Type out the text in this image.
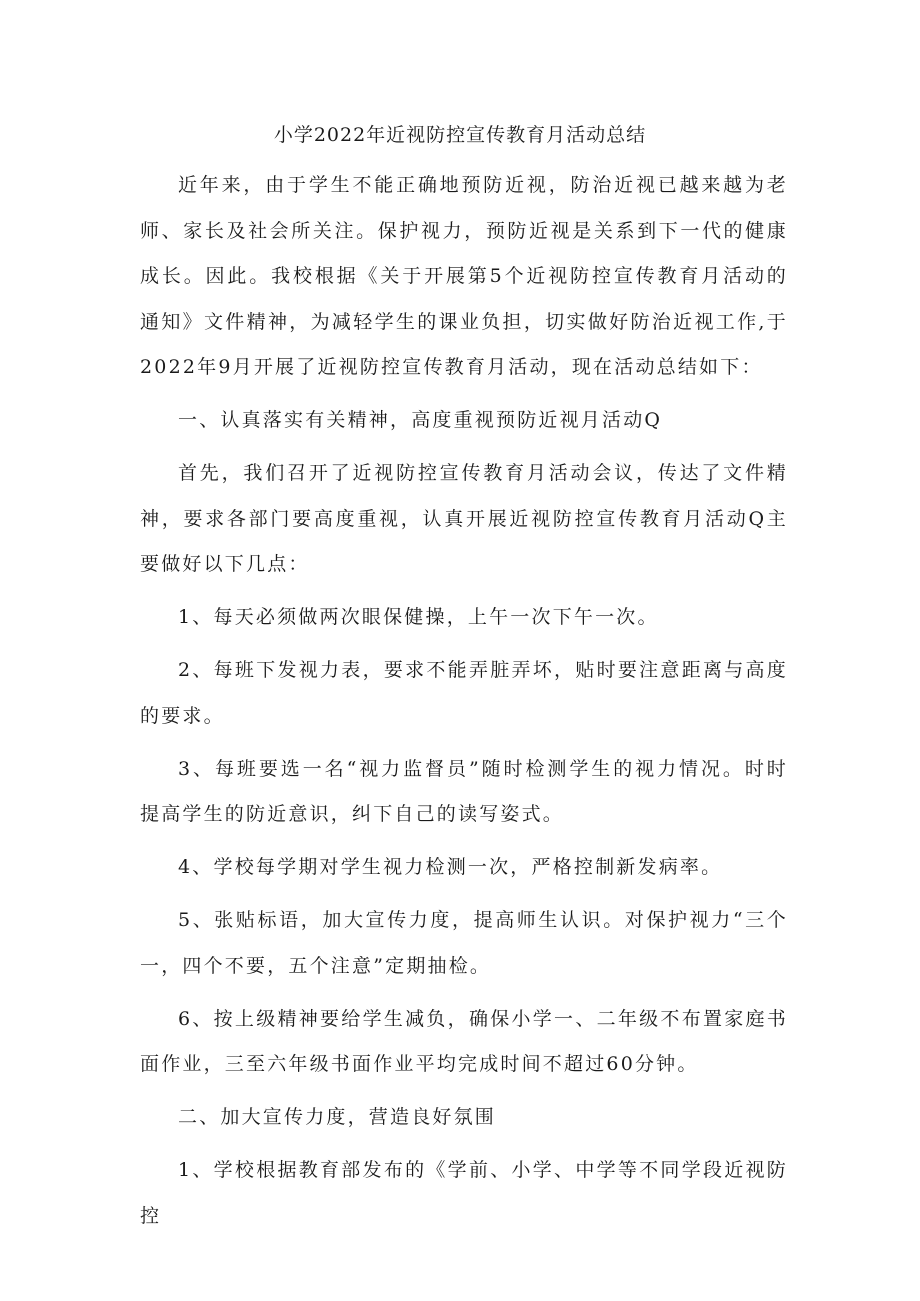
小学2022年近视防控宣传教育月活动总结

近年来，由于学生不能正确地预防近视，防治近视已越来越为老师、家长及社会所关注。保护视力，预防近视是关系到下一代的健康成长。因此。我校根据《关于开展第5个近视防控宣传教育月活动的通知》文件精神，为减轻学生的课业负担，切实做好防治近视工作,于2022年9月开展了近视防控宣传教育月活动，现在活动总结如下：

一、认真落实有关精神，高度重视预防近视月活动Q

首先，我们召开了近视防控宣传教育月活动会议，传达了文件精神，要求各部门要高度重视，认真开展近视防控宣传教育月活动Q主要做好以下几点：

1、每天必须做两次眼保健操，上午一次下午一次。

2、每班下发视力表，要求不能弄脏弄坏，贴时要注意距离与高度的要求。

3、每班要选一名“视力监督员”随时检测学生的视力情况。时时提高学生的防近意识，纠下自己的读写姿式。

4、学校每学期对学生视力检测一次，严格控制新发病率。

5、张贴标语，加大宣传力度，提高师生认识。对保护视力“三个一，四个不要，五个注意”定期抽检。

6、按上级精神要给学生减负，确保小学一、二年级不布置家庭书面作业，三至六年级书面作业平均完成时间不超过60分钟。

二、加大宣传力度，营造良好氛围

1、学校根据教育部发布的《学前、小学、中学等不同学段近视防控
